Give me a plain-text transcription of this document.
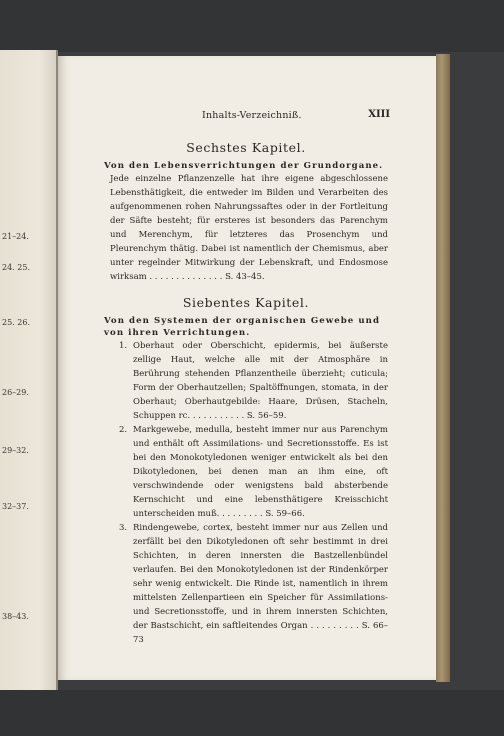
21–24.
24. 25.
25. 26.
26–29.
29–32.
32–37.
38–43.
Inhalts-Verzeichniß.	XIII
Sechstes Kapitel.
Von den Lebensverrichtungen der Grundorgane.
Jede einzelne Pflanzenzelle hat ihre eigene abgeschlossene Lebensthätigkeit, die entweder im Bilden und Verarbeiten des aufgenommenen rohen Nahrungssaftes oder in der Fortleitung der Säfte besteht; für ersteres ist besonders das Parenchym und Merenchym, für letzteres das Prosenchym und Pleurenchym thätig. Dabei ist namentlich der Chemismus, aber unter regelnder Mitwirkung der Lebenskraft, und Endosmose wirksam . . . . . . . . . . . . . . S. 43–45.
Siebentes Kapitel.
Von den Systemen der organischen Gewebe und von ihren Verrichtungen.
1. Oberhaut oder Oberschicht, epidermis, bei äußerste zellige Haut, welche alle mit der Atmosphäre in Berührung stehenden Pflanzentheile überzieht; cuticula; Form der Oberhautzellen; Spaltöffnungen, stomata, in der Oberhaut; Oberhautgebilde: Haare, Drüsen, Stacheln, Schuppen rc. . . . . . . . . . . S. 56–59.
2. Markgewebe, medulla, besteht immer nur aus Parenchym und enthält oft Assimilations- und Secretionsstoffe. Es ist bei den Monokotyledonen weniger entwickelt als bei den Dikotyledonen, bei denen man an ihm eine, oft verschwindende oder wenigstens bald absterbende Kernschicht und eine lebensthätigere Kreisschicht unterscheiden muß. . . . . . . . . S. 59–66.
3. Rindengewebe, cortex, besteht immer nur aus Zellen und zerfällt bei den Dikotyledonen oft sehr bestimmt in drei Schichten, in deren innersten die Bastzellenbündel verlaufen. Bei den Monokotyledonen ist der Rindenkörper sehr wenig entwickelt. Die Rinde ist, namentlich in ihrem mittelsten Zellenpartieen ein Speicher für Assimilations- und Secretionsstoffe, und in ihrem innersten Schichten, der Bastschicht, ein saftleitendes Organ . . . . . . . . . S. 66–73
